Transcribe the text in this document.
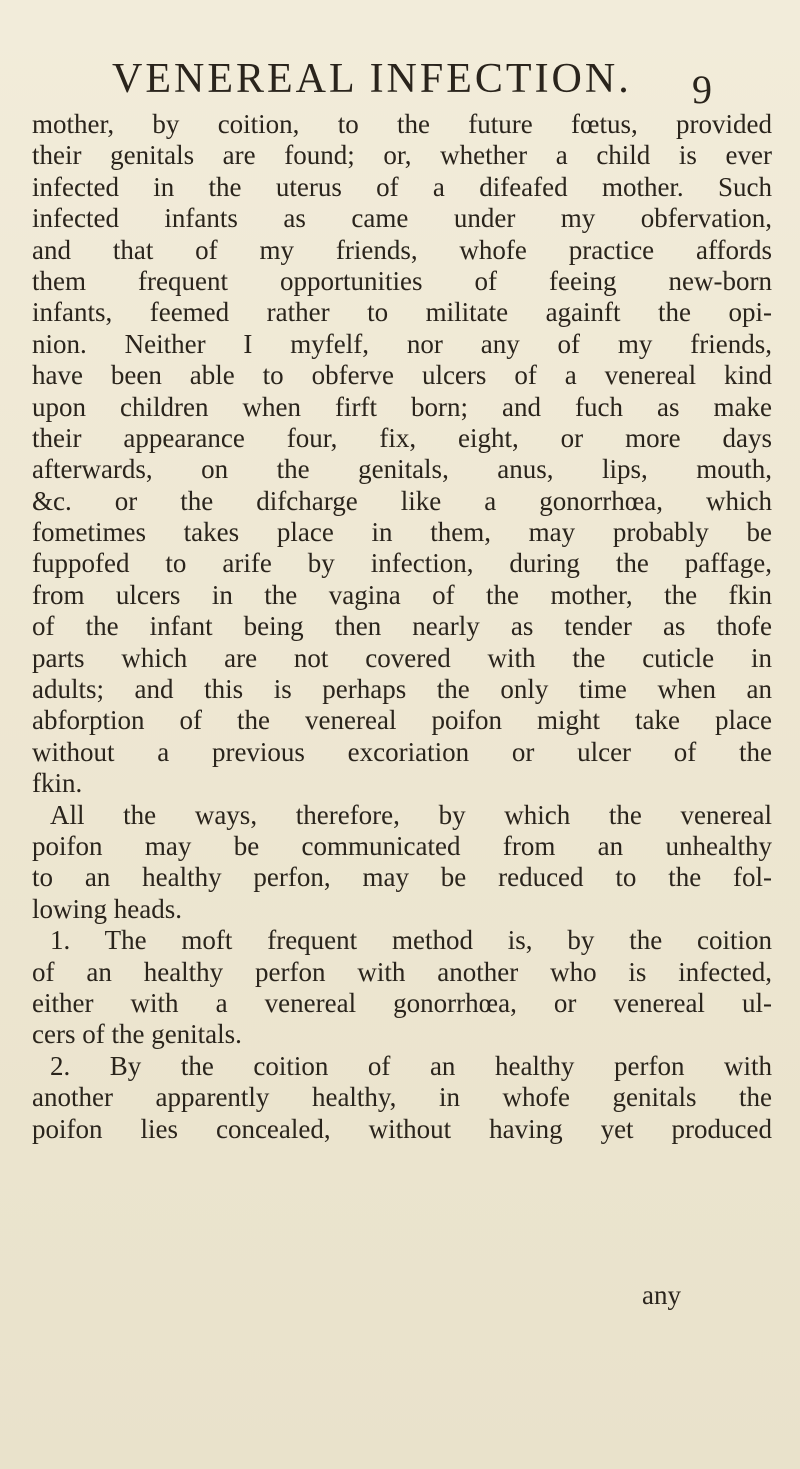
VENEREAL INFECTION.	9
mother, by coition, to the future fœtus, provided
their genitals are found; or, whether a child is ever
infected in the uterus of a difeafed mother. Such
infected infants as came under my obfervation,
and that of my friends, whofe practice affords
them frequent opportunities of feeing new-born
infants, feemed rather to militate againft the opi-
nion. Neither I myfelf, nor any of my friends,
have been able to obferve ulcers of a venereal kind
upon children when firft born; and fuch as make
their appearance four, fix, eight, or more days
afterwards, on the genitals, anus, lips, mouth,
&c. or the difcharge like a gonorrhœa, which
fometimes takes place in them, may probably be
fuppofed to arife by infection, during the paffage,
from ulcers in the vagina of the mother, the fkin
of the infant being then nearly as tender as thofe
parts which are not covered with the cuticle in
adults; and this is perhaps the only time when an
abforption of the venereal poifon might take place
without a previous excoriation or ulcer of the
fkin.
All the ways, therefore, by which the venereal
poifon may be communicated from an unhealthy
to an healthy perfon, may be reduced to the fol-
lowing heads.
1. The moft frequent method is, by the coition
of an healthy perfon with another who is infected,
either with a venereal gonorrhœa, or venereal ul-
cers of the genitals.
2. By the coition of an healthy perfon with
another apparently healthy, in whofe genitals the
poifon lies concealed, without having yet produced
any
